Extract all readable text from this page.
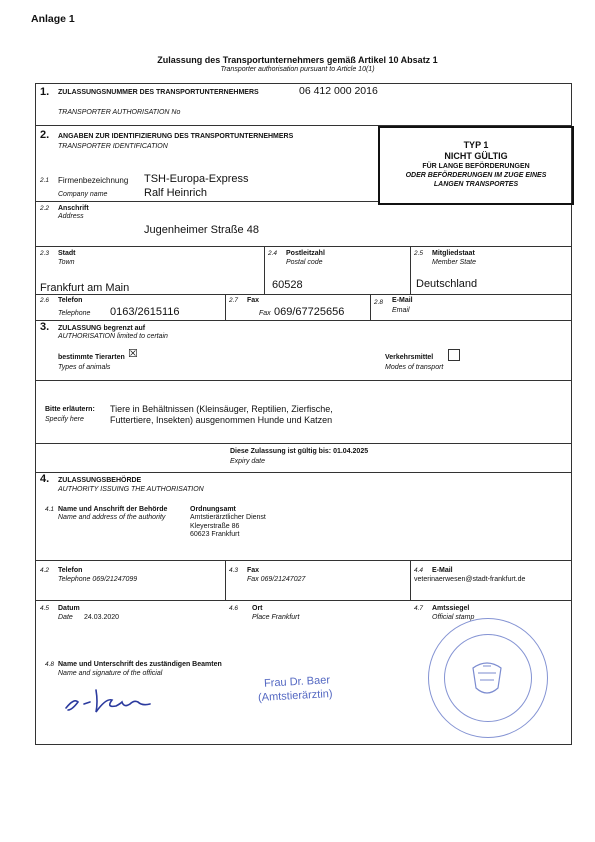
Anlage 1
Zulassung des Transportunternehmers gemäß Artikel 10 Absatz 1
Transporter authorisation pursuant to Article 10(1)
1. ZULASSUNGSNUMMER DES TRANSPORTUNTERNEHMERS	06 412 000 2016
TRANSPORTER AUTHORISATION No
2. ANGABEN ZUR IDENTIFIZIERUNG DES TRANSPORTUNTERNEHMERS
TRANSPORTER IDENTIFICATION	TYP 1
NICHT GÜLTIG
FÜR LANGE BEFÖRDERUNGEN
ODER BEFÖRDERUNGEN IM ZUGE EINES
LANGEN TRANSPORTES
2.1 Firmenbezeichnung
Company name
TSH-Europa-Express
Ralf Heinrich
2.2 Anschrift
Address
Jugenheimer Straße 48
2.3 Stadt
Town
Frankfurt am Main
2.4 Postleitzahl
Postal code
60528
2.5 Mitgliedstaat
Member State
Deutschland
2.6 Telefon
Telephone 0163/2615116
2.7 Fax
Fax 069/67725656
2.8 E-Mail
Email
3. ZULASSUNG begrenzt auf
AUTHORISATION limited to certain
bestimmte Tierarten ☒
Types of animals
Verkehrsmittel
Modes of transport
Bitte erläutern:
Specify here
Tiere in Behältnissen (Kleinsäuger, Reptilien, Zierfische,
Futtertiere, Insekten) ausgenommen Hunde und Katzen
Diese Zulassung ist gültig bis: 01.04.2025
Expiry date
4. ZULASSUNGSBEHÖRDE
AUTHORITY ISSUING THE AUTHORISATION
4.1 Name und Anschrift der Behörde
Name and address of the authority
Ordnungsamt
Amtstierärztlicher Dienst
Kleyerstraße 86
60623 Frankfurt
4.2 Telefon
Telephone 069/21247099
4.3 Fax
Fax 069/21247027
4.4 E-Mail
veterinaerwesen@stadt-frankfurt.de
4.5 Datum
Date 24.03.2020
4.6 Ort
Place Frankfurt
4.7 Amtssiegel
Official stamp
4.8 Name und Unterschrift des zuständigen Beamten
Name and signature of the official
Frau Dr. Baer
(Amtstierärztin)
